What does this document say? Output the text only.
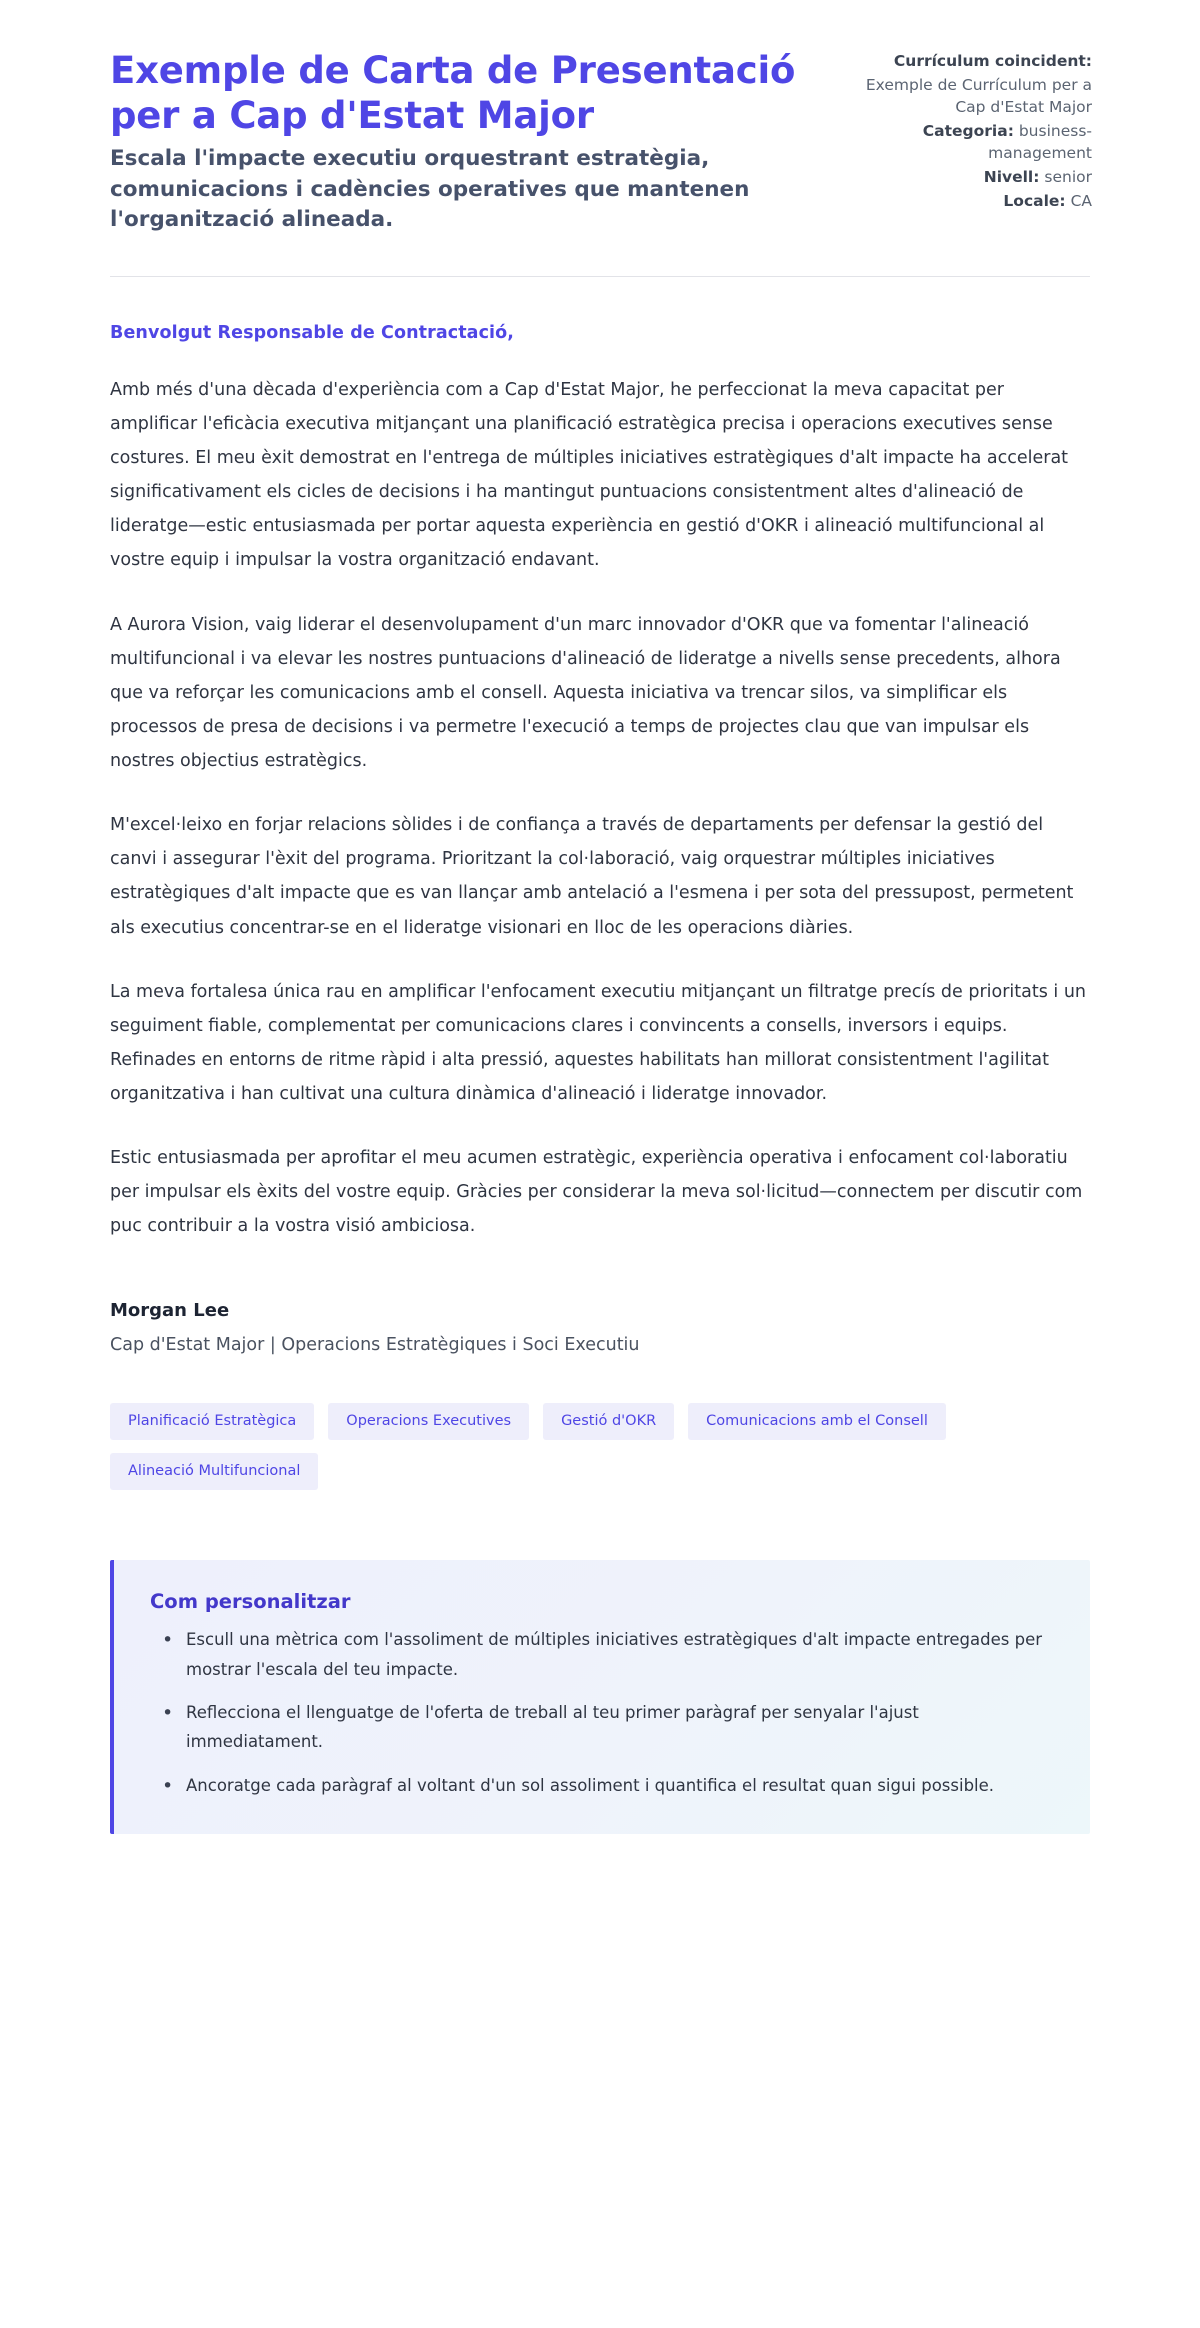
Exemple de Carta de Presentació per a Cap d'Estat Major

Escala l'impacte executiu orquestrant estratègia, comunicacions i cadències operatives que mantenen l'organització alineada.

Currículum coincident:
Exemple de Currículum per a Cap d'Estat Major
Categoria: business-management
Nivell: senior
Locale: CA

Benvolgut Responsable de Contractació,

Amb més d'una dècada d'experiència com a Cap d'Estat Major, he perfeccionat la meva capacitat per amplificar l'eficàcia executiva mitjançant una planificació estratègica precisa i operacions executives sense costures. El meu èxit demostrat en l'entrega de múltiples iniciatives estratègiques d'alt impacte ha accelerat significativament els cicles de decisions i ha mantingut puntuacions consistentment altes d'alineació de lideratge—estic entusiasmada per portar aquesta experiència en gestió d'OKR i alineació multifuncional al vostre equip i impulsar la vostra organització endavant.

A Aurora Vision, vaig liderar el desenvolupament d'un marc innovador d'OKR que va fomentar l'alineació multifuncional i va elevar les nostres puntuacions d'alineació de lideratge a nivells sense precedents, alhora que va reforçar les comunicacions amb el consell. Aquesta iniciativa va trencar silos, va simplificar els processos de presa de decisions i va permetre l'execució a temps de projectes clau que van impulsar els nostres objectius estratègics.

M'excel·leixo en forjar relacions sòlides i de confiança a través de departaments per defensar la gestió del canvi i assegurar l'èxit del programa. Prioritzant la col·laboració, vaig orquestrar múltiples iniciatives estratègiques d'alt impacte que es van llançar amb antelació a l'esmena i per sota del pressupost, permetent als executius concentrar-se en el lideratge visionari en lloc de les operacions diàries.

La meva fortalesa única rau en amplificar l'enfocament executiu mitjançant un filtratge precís de prioritats i un seguiment fiable, complementat per comunicacions clares i convincents a consells, inversors i equips. Refinades en entorns de ritme ràpid i alta pressió, aquestes habilitats han millorat consistentment l'agilitat organitzativa i han cultivat una cultura dinàmica d'alineació i lideratge innovador.

Estic entusiasmada per aprofitar el meu acumen estratègic, experiència operativa i enfocament col·laboratiu per impulsar els èxits del vostre equip. Gràcies per considerar la meva sol·licitud—connectem per discutir com puc contribuir a la vostra visió ambiciosa.

Morgan Lee

Cap d'Estat Major | Operacions Estratègiques i Soci Executiu

Planificació Estratègica	Operacions Executives	Gestió d'OKR	Comunicacions amb el Consell
Alineació Multifuncional

Com personalitzar

• Escull una mètrica com l'assoliment de múltiples iniciatives estratègiques d'alt impacte entregades per mostrar l'escala del teu impacte.
• Reflecciona el llenguatge de l'oferta de treball al teu primer paràgraf per senyalar l'ajust immediatament.
• Ancoratge cada paràgraf al voltant d'un sol assoliment i quantifica el resultat quan sigui possible.
